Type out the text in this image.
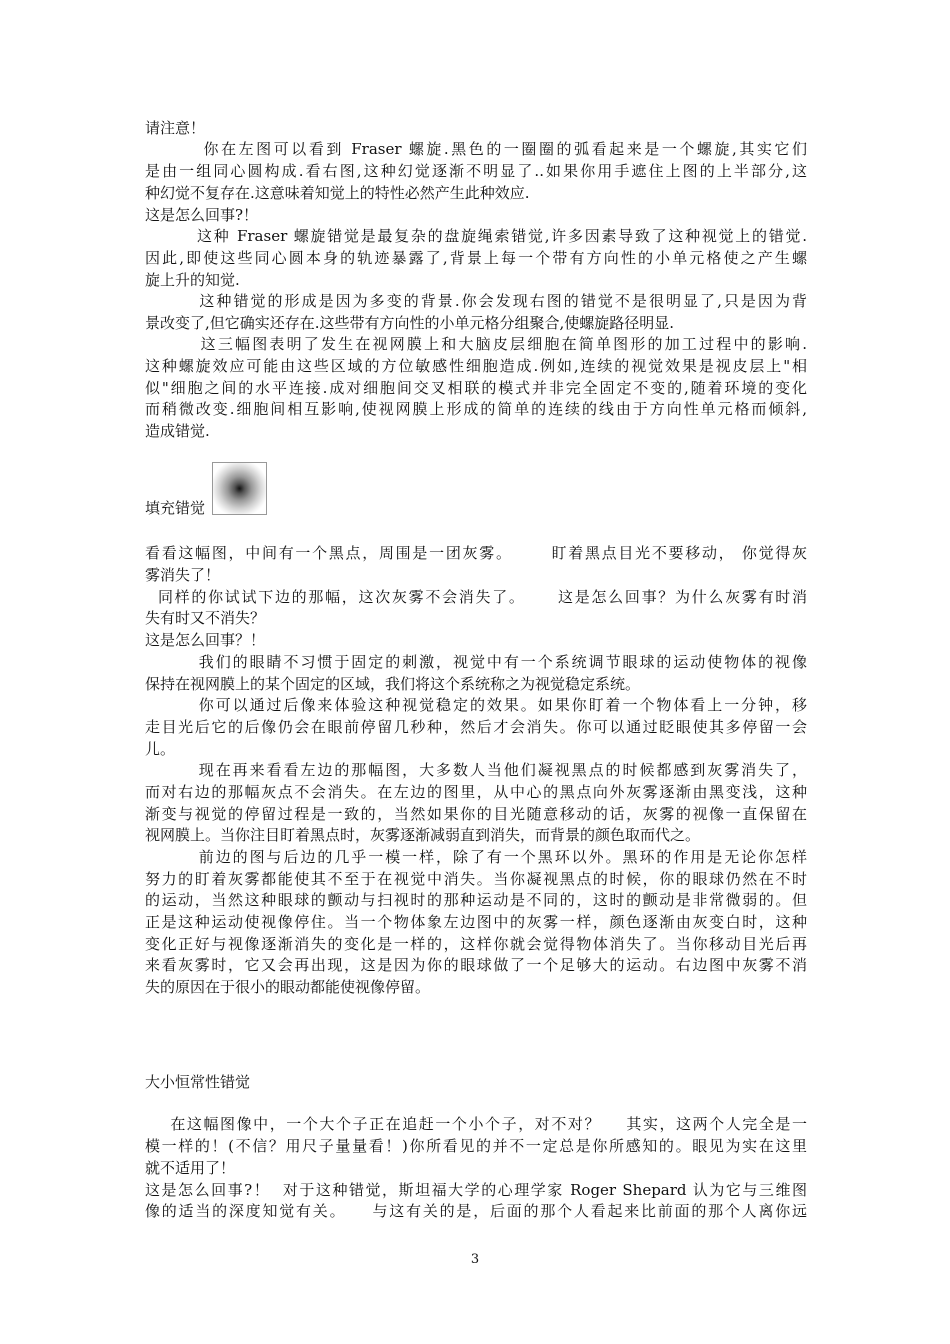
请注意！
你在左图可以看到 Fraser 螺旋.黑色的一圈圈的弧看起来是一个螺旋,其实它们
是由一组同心圆构成.看右图,这种幻觉逐渐不明显了..如果你用手遮住上图的上半部分,这
种幻觉不复存在.这意味着知觉上的特性必然产生此种效应.
这是怎么回事?！
这种 Fraser 螺旋错觉是最复杂的盘旋绳索错觉,许多因素导致了这种视觉上的错觉.
因此,即使这些同心圆本身的轨迹暴露了,背景上每一个带有方向性的小单元格使之产生螺
旋上升的知觉.
这种错觉的形成是因为多变的背景.你会发现右图的错觉不是很明显了,只是因为背
景改变了,但它确实还存在.这些带有方向性的小单元格分组聚合,使螺旋路径明显.
这三幅图表明了发生在视网膜上和大脑皮层细胞在简单图形的加工过程中的影响.
这种螺旋效应可能由这些区域的方位敏感性细胞造成.例如,连续的视觉效果是视皮层上"相
似"细胞之间的水平连接.成对细胞间交叉相联的模式并非完全固定不变的,随着环境的变化
而稍微改变.细胞间相互影响,使视网膜上形成的简单的连续的线由于方向性单元格而倾斜,
造成错觉.
填充错觉
看看这幅图，中间有一个黑点，周围是一团灰雾。      盯着黑点目光不要移动， 你觉得灰
雾消失了！
同样的你试试下边的那幅，这次灰雾不会消失了。     这是怎么回事？为什么灰雾有时消
失有时又不消失？
这是怎么回事？！
我们的眼睛不习惯于固定的刺激，视觉中有一个系统调节眼球的运动使物体的视像
保持在视网膜上的某个固定的区域，我们将这个系统称之为视觉稳定系统。
你可以通过后像来体验这种视觉稳定的效果。如果你盯着一个物体看上一分钟，移
走目光后它的后像仍会在眼前停留几秒种，然后才会消失。你可以通过眨眼使其多停留一会
儿。
现在再来看看左边的那幅图，大多数人当他们凝视黑点的时候都感到灰雾消失了，
而对右边的那幅灰点不会消失。在左边的图里，从中心的黑点向外灰雾逐渐由黑变浅，这种
渐变与视觉的停留过程是一致的，当然如果你的目光随意移动的话，灰雾的视像一直保留在
视网膜上。当你注目盯着黑点时，灰雾逐渐减弱直到消失，而背景的颜色取而代之。
前边的图与后边的几乎一模一样，除了有一个黑环以外。黑环的作用是无论你怎样
努力的盯着灰雾都能使其不至于在视觉中消失。当你凝视黑点的时候，你的眼球仍然在不时
的运动，当然这种眼球的颤动与扫视时的那种运动是不同的，这时的颤动是非常微弱的。但
正是这种运动使视像停住。当一个物体象左边图中的灰雾一样，颜色逐渐由灰变白时，这种
变化正好与视像逐渐消失的变化是一样的，这样你就会觉得物体消失了。当你移动目光后再
来看灰雾时，它又会再出现，这是因为你的眼球做了一个足够大的运动。右边图中灰雾不消
失的原因在于很小的眼动都能使视像停留。
大小恒常性错觉
在这幅图像中，一个大个子正在追赶一个小个子，对不对？    其实，这两个人完全是一
模一样的！(不信？用尺子量量看！)你所看见的并不一定总是你所感知的。眼见为实在这里
就不适用了！
这是怎么回事?！  对于这种错觉，斯坦福大学的心理学家 Roger Shepard 认为它与三维图
像的适当的深度知觉有关。    与这有关的是，后面的那个人看起来比前面的那个人离你远
3
